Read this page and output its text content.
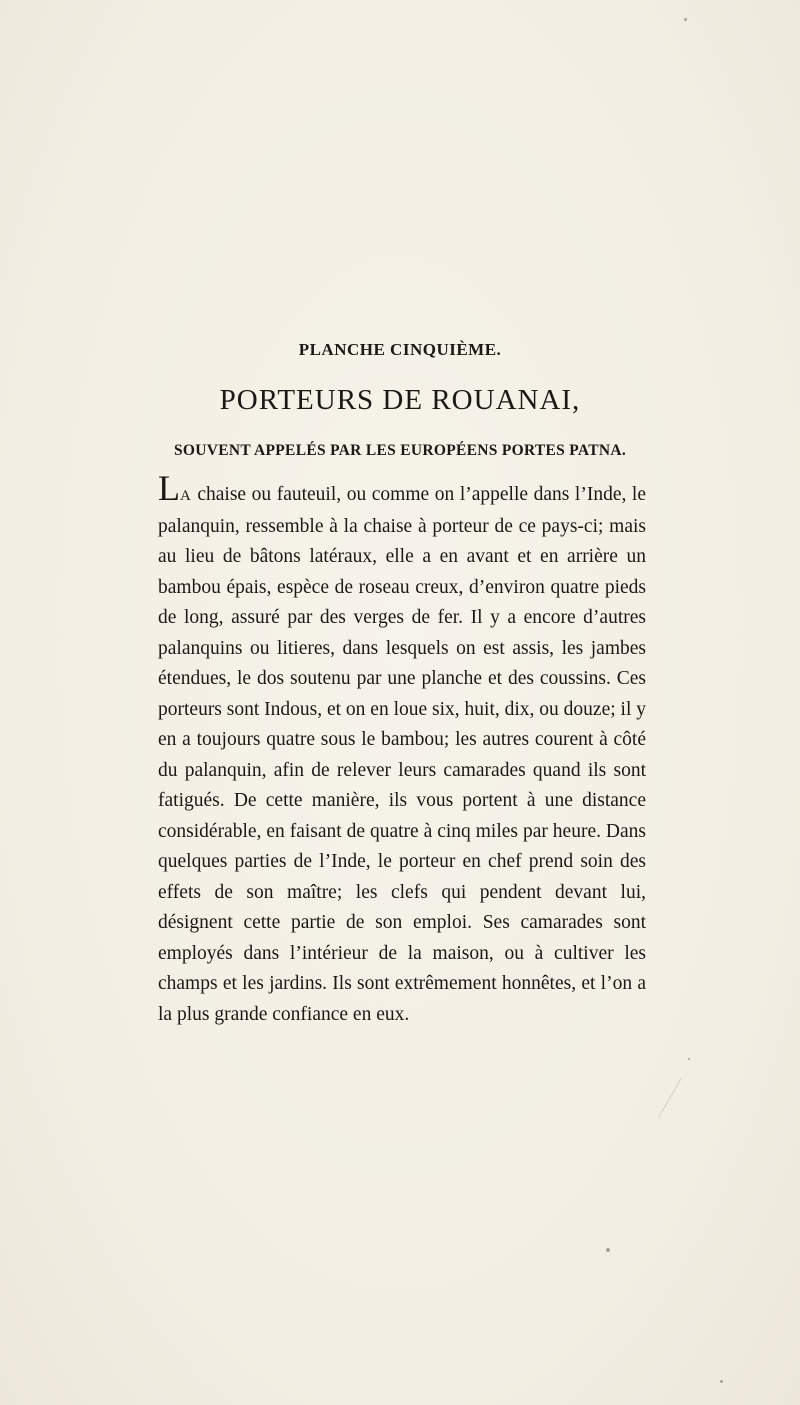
PLANCHE CINQUIÈME.
PORTEURS DE ROUANAI,
SOUVENT APPELÉS PAR LES EUROPÉENS PORTES PATNA.

LA chaise ou fauteuil, ou comme on l’appelle dans l’Inde, le palanquin, ressemble à la chaise à porteur de ce pays-ci; mais au lieu de bâtons latéraux, elle a en avant et en arrière un bambou épais, espèce de roseau creux, d’environ quatre pieds de long, assuré par des verges de fer. Il y a encore d’autres palanquins ou litieres, dans lesquels on est assis, les jambes étendues, le dos soutenu par une planche et des coussins. Ces porteurs sont Indous, et on en loue six, huit, dix, ou douze; il y en a toujours quatre sous le bambou; les autres courent à côté du palanquin, afin de relever leurs camarades quand ils sont fatigués. De cette manière, ils vous portent à une distance considérable, en faisant de quatre à cinq miles par heure. Dans quelques parties de l’Inde, le porteur en chef prend soin des effets de son maître; les clefs qui pendent devant lui, désignent cette partie de son emploi. Ses camarades sont employés dans l’intérieur de la maison, ou à cultiver les champs et les jardins. Ils sont extrêmement honnêtes, et l’on a la plus grande confiance en eux.
